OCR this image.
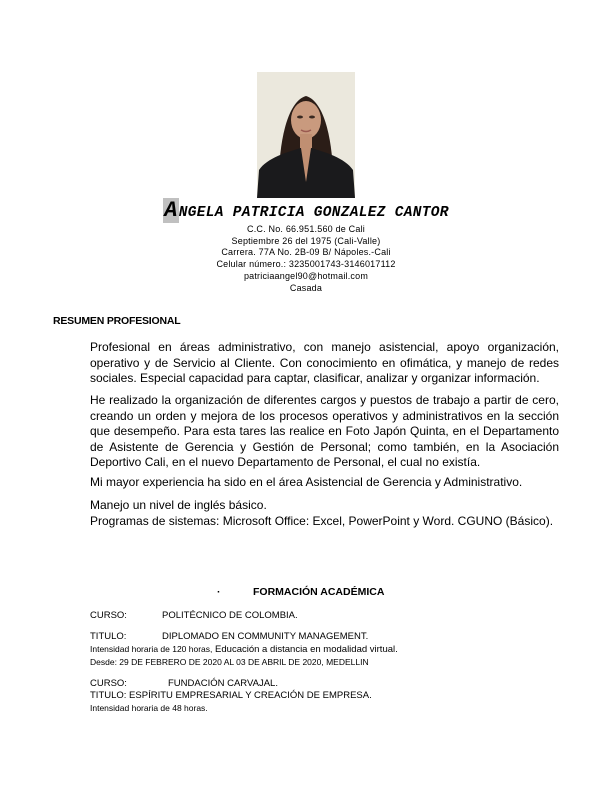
ANGELA PATRICIA GONZALEZ CANTOR
C.C. No. 66.951.560 de Cali
Septiembre 26 del 1975 (Cali-Valle)
Carrera. 77A No. 2B-09 B/ Nápoles.-Cali
Celular número.: 3235001743-3146017112
patriciaangel90@hotmail.com
Casada
RESUMEN PROFESIONAL
Profesional en áreas administrativo, con manejo asistencial, apoyo organización, operativo y de Servicio al Cliente. Con conocimiento en ofimática, y manejo de redes sociales. Especial capacidad para captar, clasificar, analizar y organizar información.
He realizado la organización de diferentes cargos y puestos de trabajo a partir de cero, creando un orden y mejora de los procesos operativos y administrativos en la sección que desempeño. Para esta tares las realice en Foto Japón Quinta, en el Departamento de Asistente de Gerencia y Gestión de Personal; como también, en la Asociación Deportivo Cali, en el nuevo Departamento de Personal, el cual no existía.
Mi mayor experiencia ha sido en el área Asistencial de Gerencia y Administrativo.
Manejo un nivel de inglés básico.
Programas de sistemas: Microsoft Office: Excel, PowerPoint y Word. CGUNO (Básico).
·	FORMACIÓN ACADÉMICA
CURSO:	POLITÉCNICO DE COLOMBIA.
TITULO:	DIPLOMADO EN COMMUNITY MANAGEMENT.
Intensidad horaria de 120 horas, Educación a distancia en modalidad virtual.
Desde: 29 DE FEBRERO DE 2020 AL 03 DE ABRIL DE 2020, MEDELLIN
CURSO:	FUNDACIÓN CARVAJAL.
TITULO: ESPÍRITU EMPRESARIAL Y CREACIÓN DE EMPRESA.
Intensidad horaria de 48 horas.
